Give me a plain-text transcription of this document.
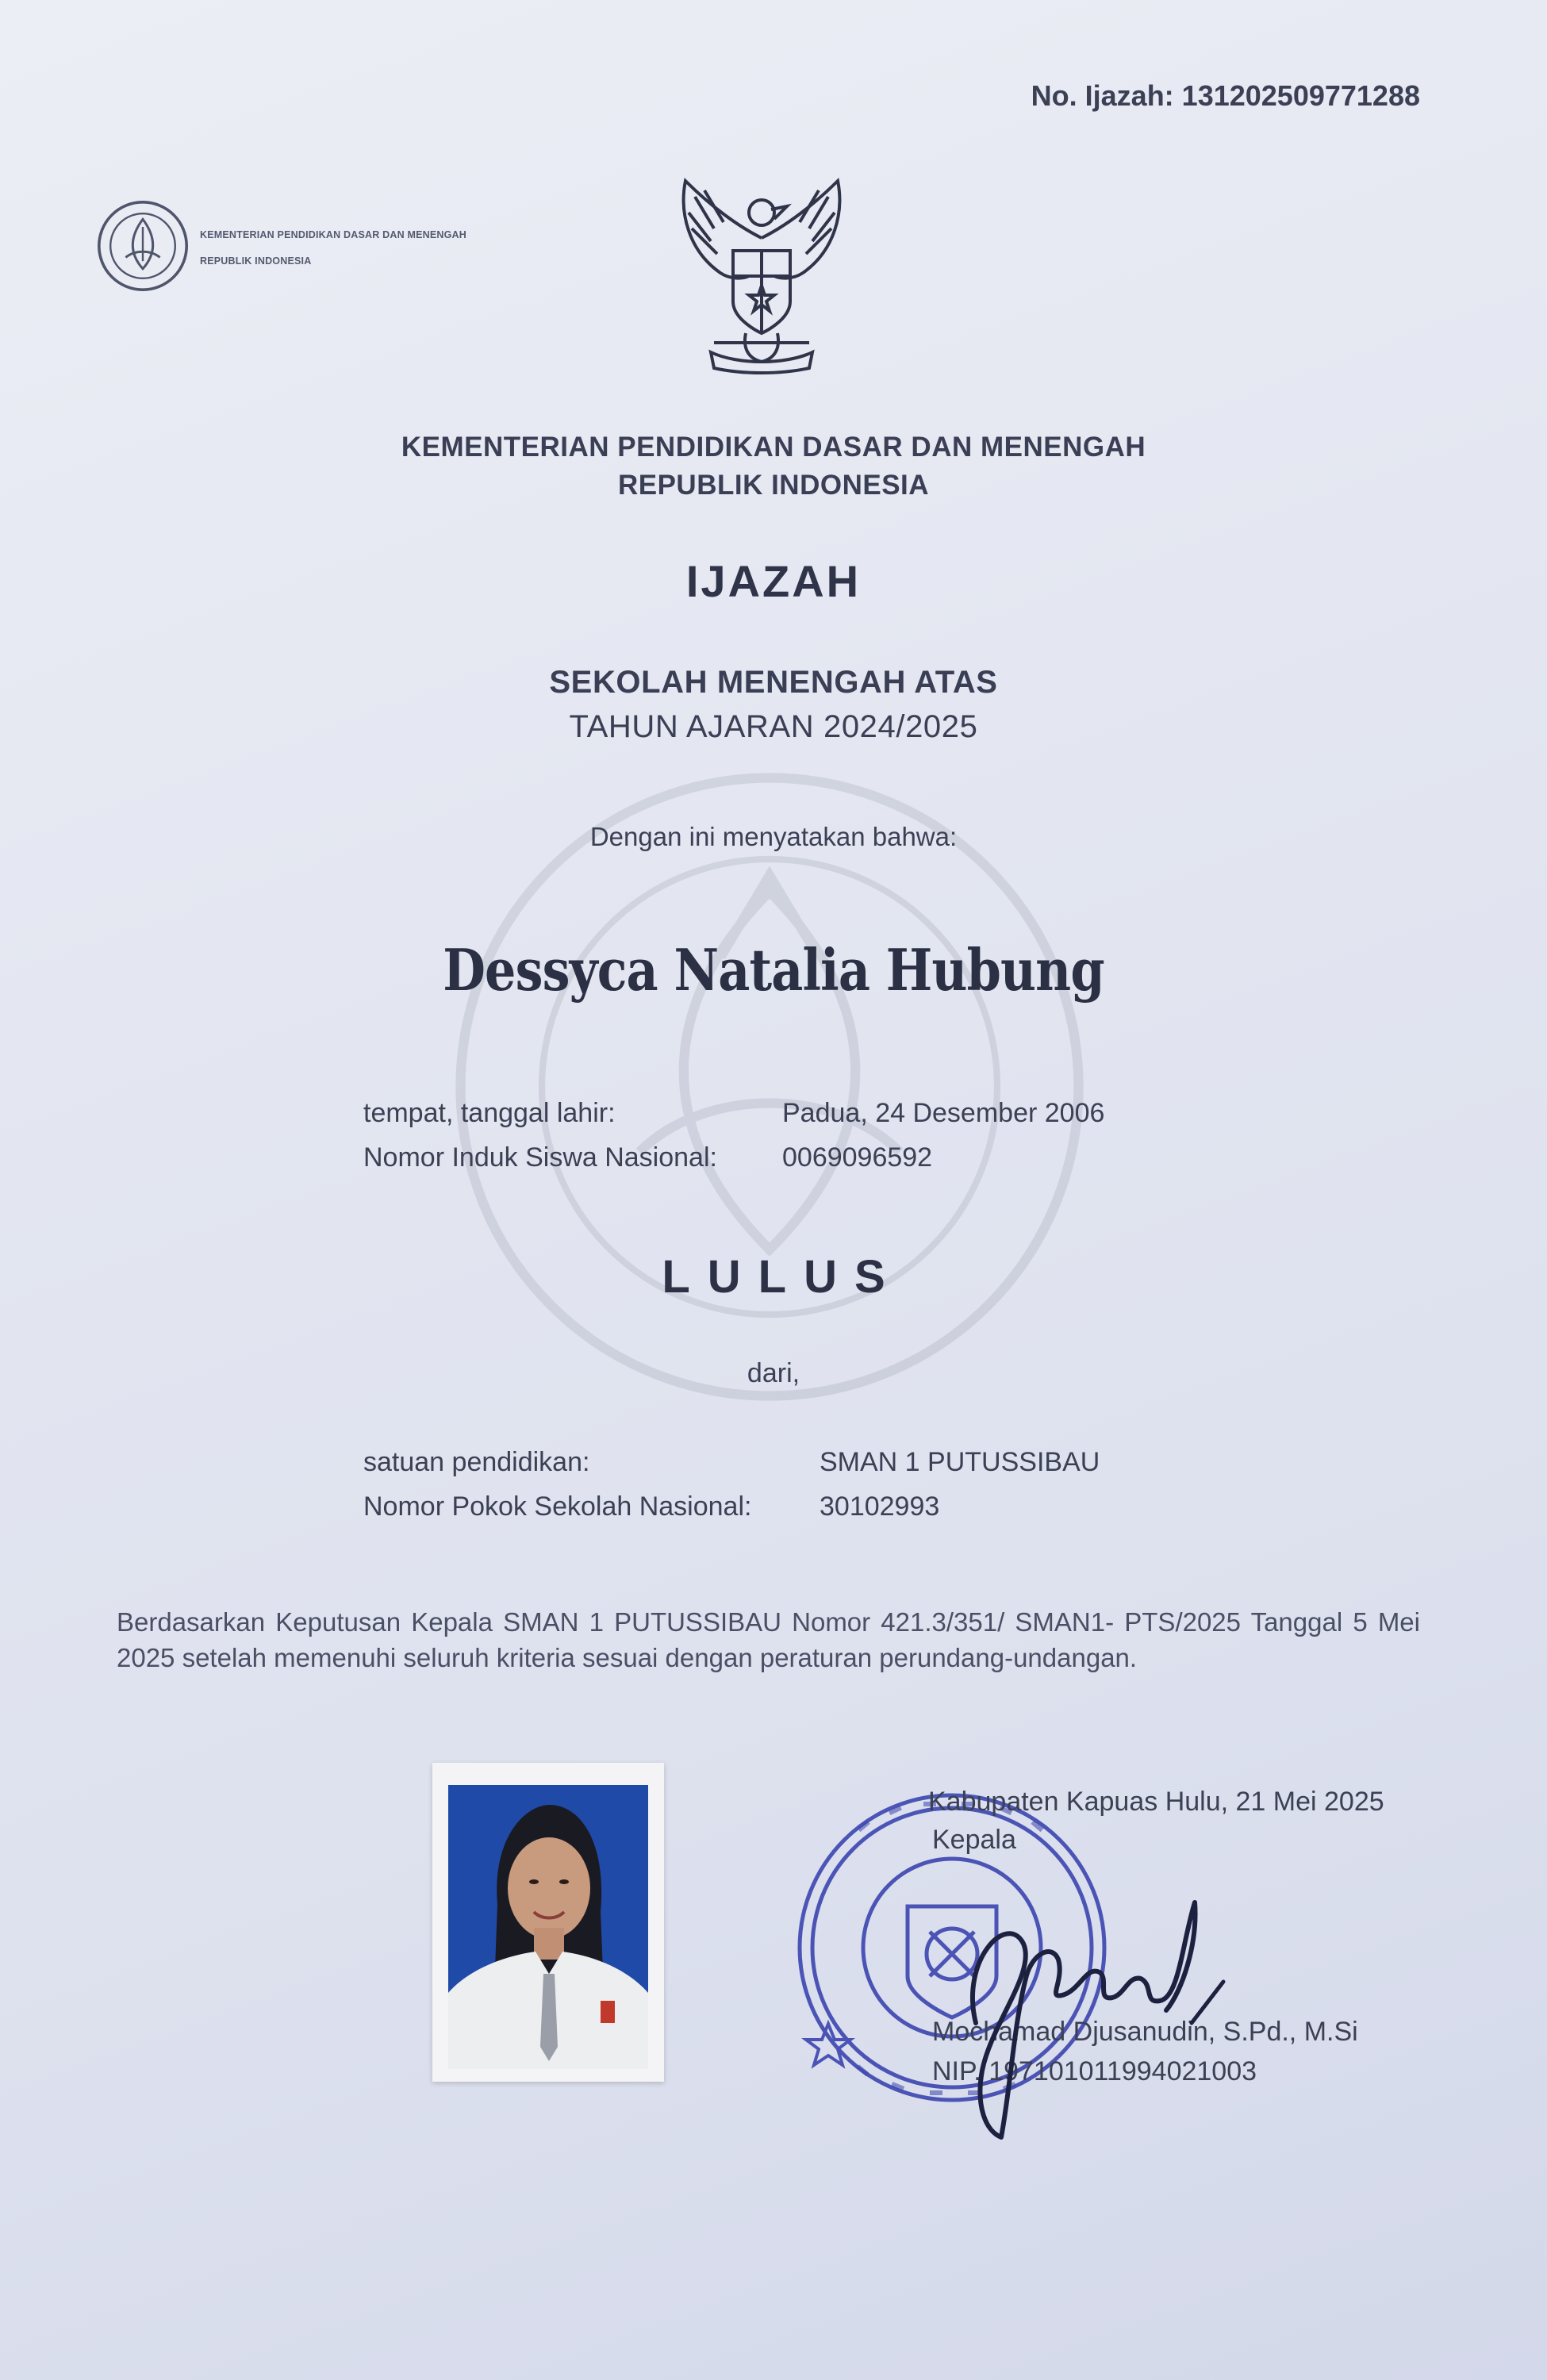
No. Ijazah: 131202509771288
KEMENTERIAN PENDIDIKAN DASAR DAN MENENGAH
REPUBLIK INDONESIA
KEMENTERIAN PENDIDIKAN DASAR DAN MENENGAH
REPUBLIK INDONESIA
IJAZAH
SEKOLAH MENENGAH ATAS
TAHUN AJARAN 2024/2025
Dengan ini menyatakan bahwa:
Dessyca Natalia Hubung
tempat, tanggal lahir:	Padua, 24 Desember 2006
Nomor Induk Siswa Nasional: 0069096592
LULUS
dari,
satuan pendidikan:	SMAN 1 PUTUSSIBAU
Nomor Pokok Sekolah Nasional:	30102993
Berdasarkan Keputusan Kepala SMAN 1 PUTUSSIBAU Nomor 421.3/351/ SMAN1- PTS/2025 Tanggal 5 Mei 2025 setelah memenuhi seluruh kriteria sesuai dengan peraturan perundang-undangan.
Kabupaten Kapuas Hulu, 21 Mei 2025
Kepala
Mochamad Djusanudin, S.Pd., M.Si
NIP. 197101011994021003
